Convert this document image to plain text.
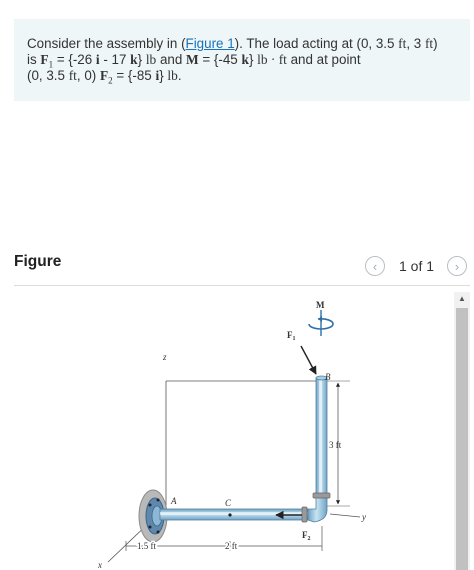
Consider the assembly in (Figure 1). The load acting at (0, 3.5 ft, 3 ft)
is $F_1 = \{-26$ i - 17 k} lb and M = {-45 k} lb · ft and at point
(0, 3.5 ft, 0) $F_2 = \{-85$ i} lb.
Figure	‹	1 of 1	›
M
$F_1$
B
z
3 ft
A	C
y
$F_2$
1.5 ft	2 ft
x
▲
